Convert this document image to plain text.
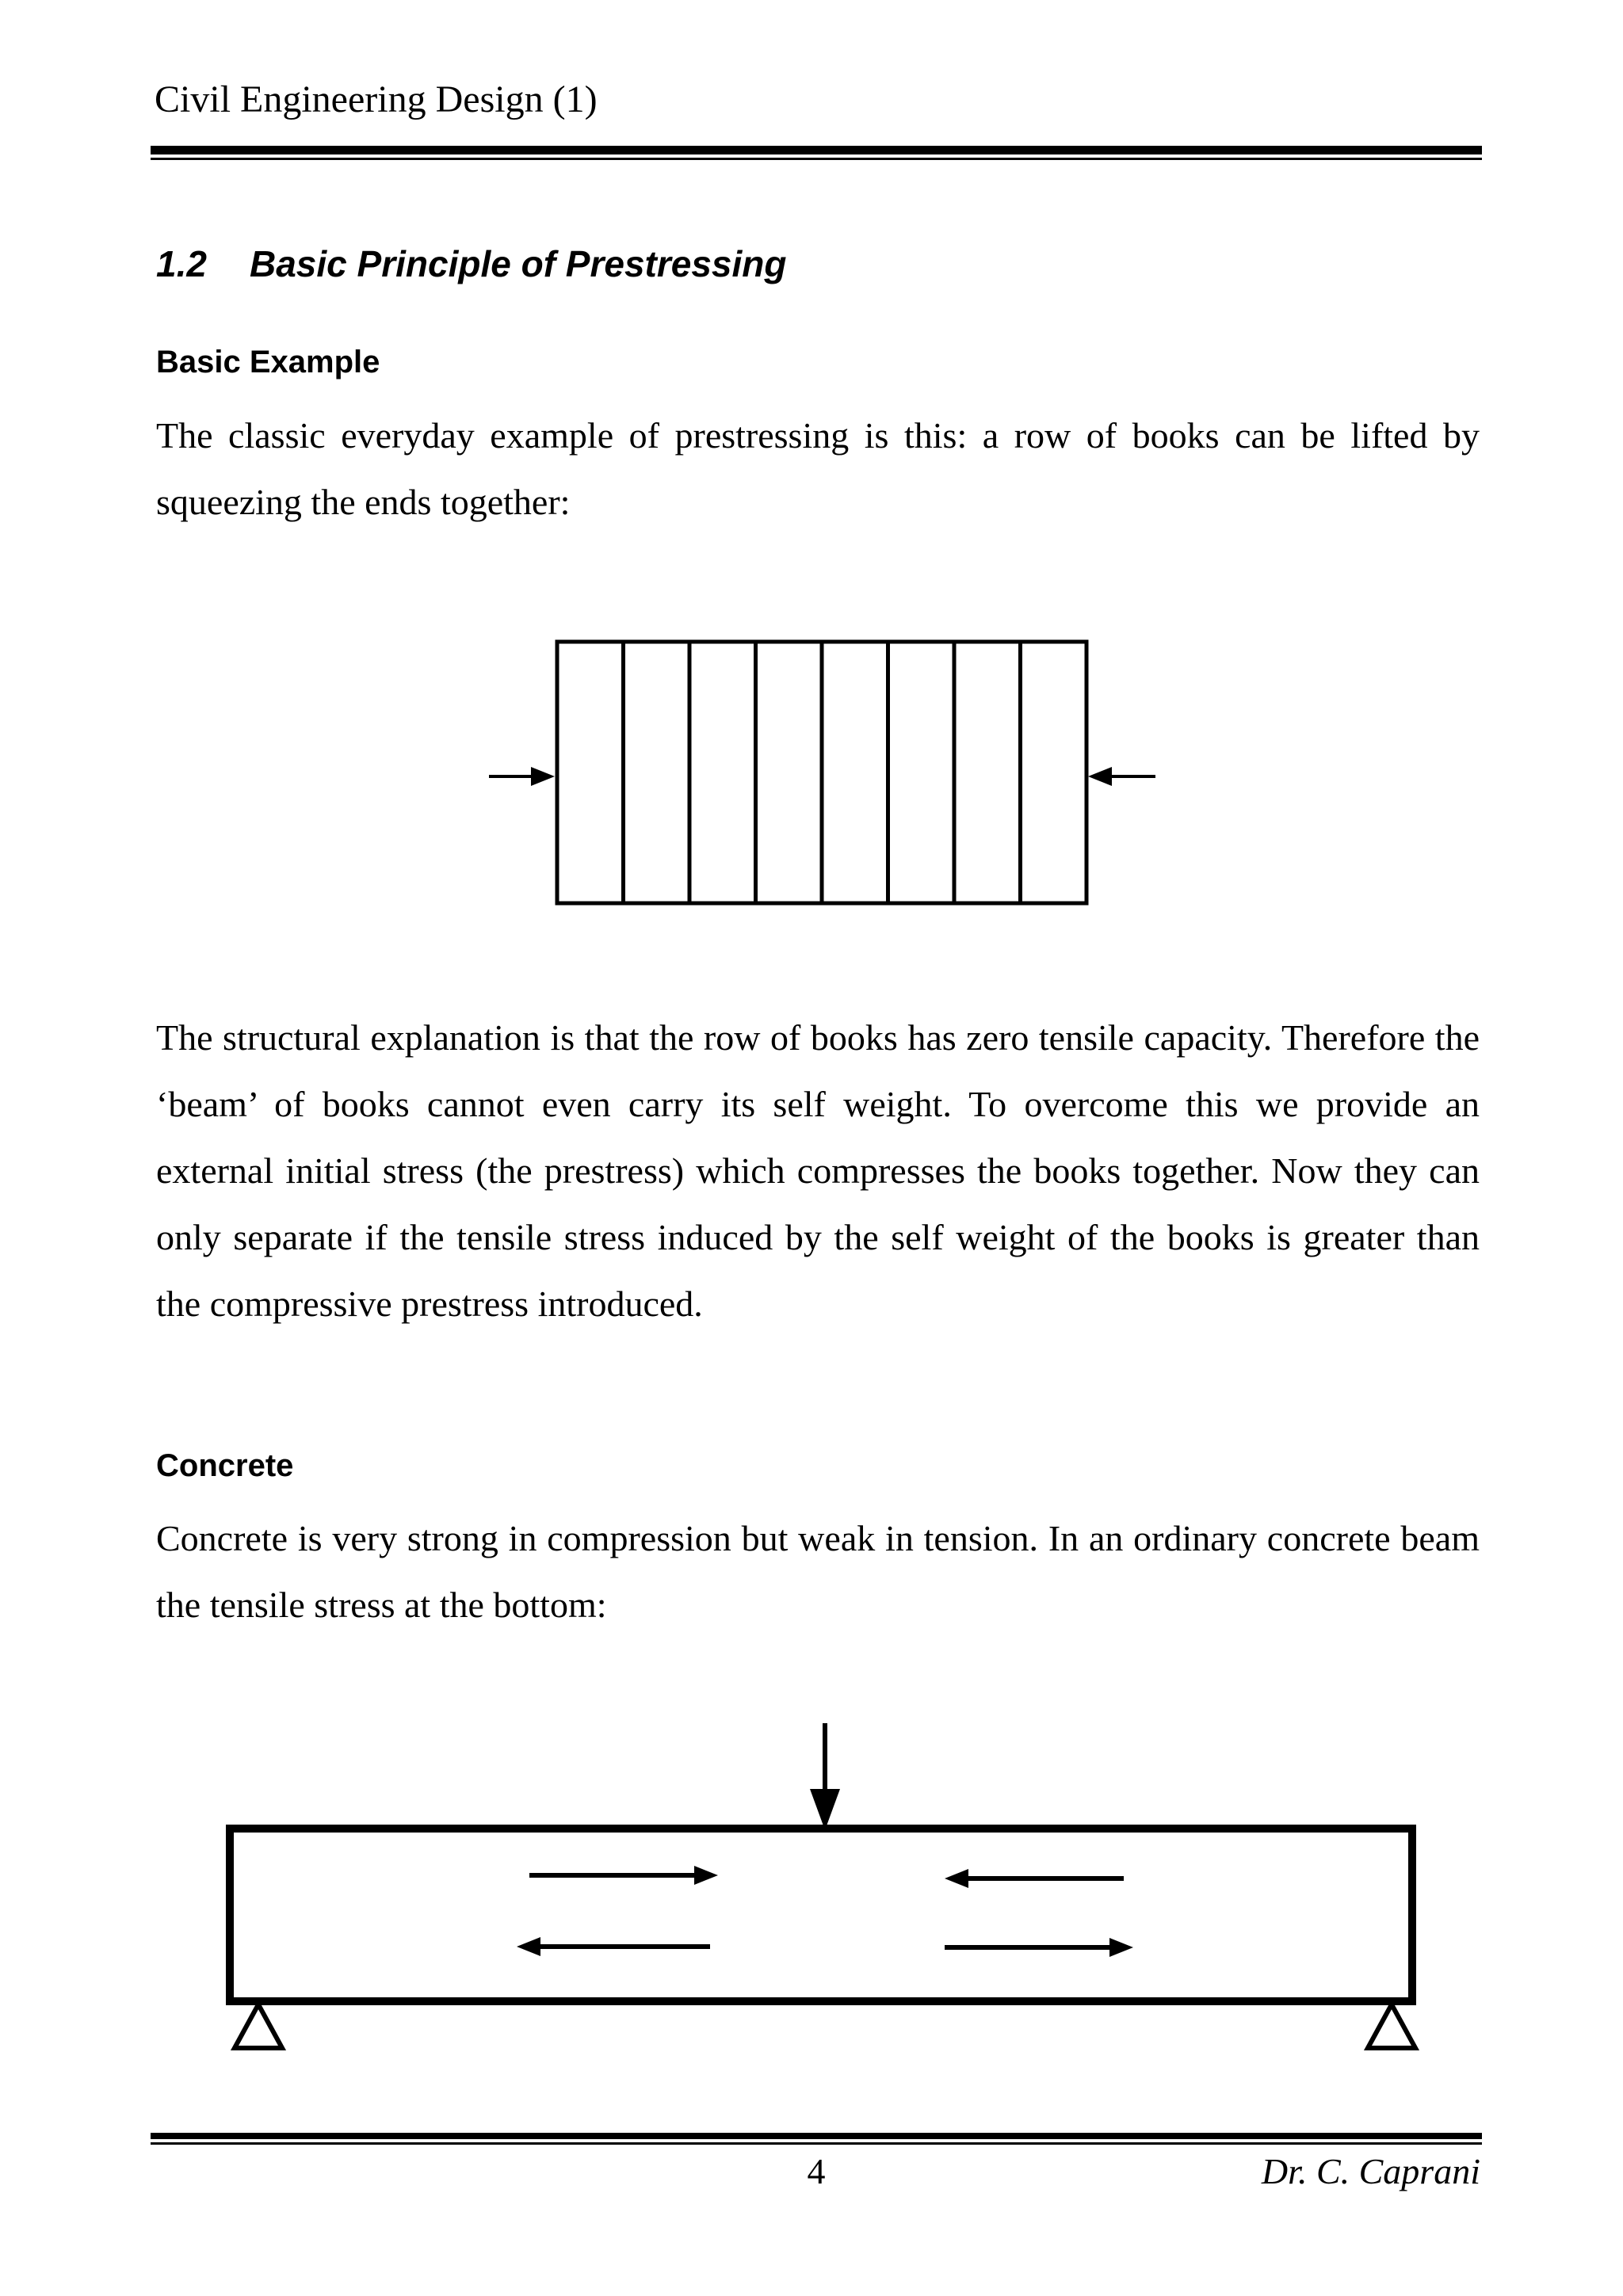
Civil Engineering Design (1)
1.2 Basic Principle of Prestressing
Basic Example

The classic everyday example of prestressing is this: a row of books can be lifted by squeezing the ends together:

The structural explanation is that the row of books has zero tensile capacity. Therefore the ‘beam’ of books cannot even carry its self weight. To overcome this we provide an external initial stress (the prestress) which compresses the books together. Now they can only separate if the tensile stress induced by the self weight of the books is greater than the compressive prestress introduced.

Concrete

Concrete is very strong in compression but weak in tension. In an ordinary concrete beam the tensile stress at the bottom:

4	Dr. C. Caprani
